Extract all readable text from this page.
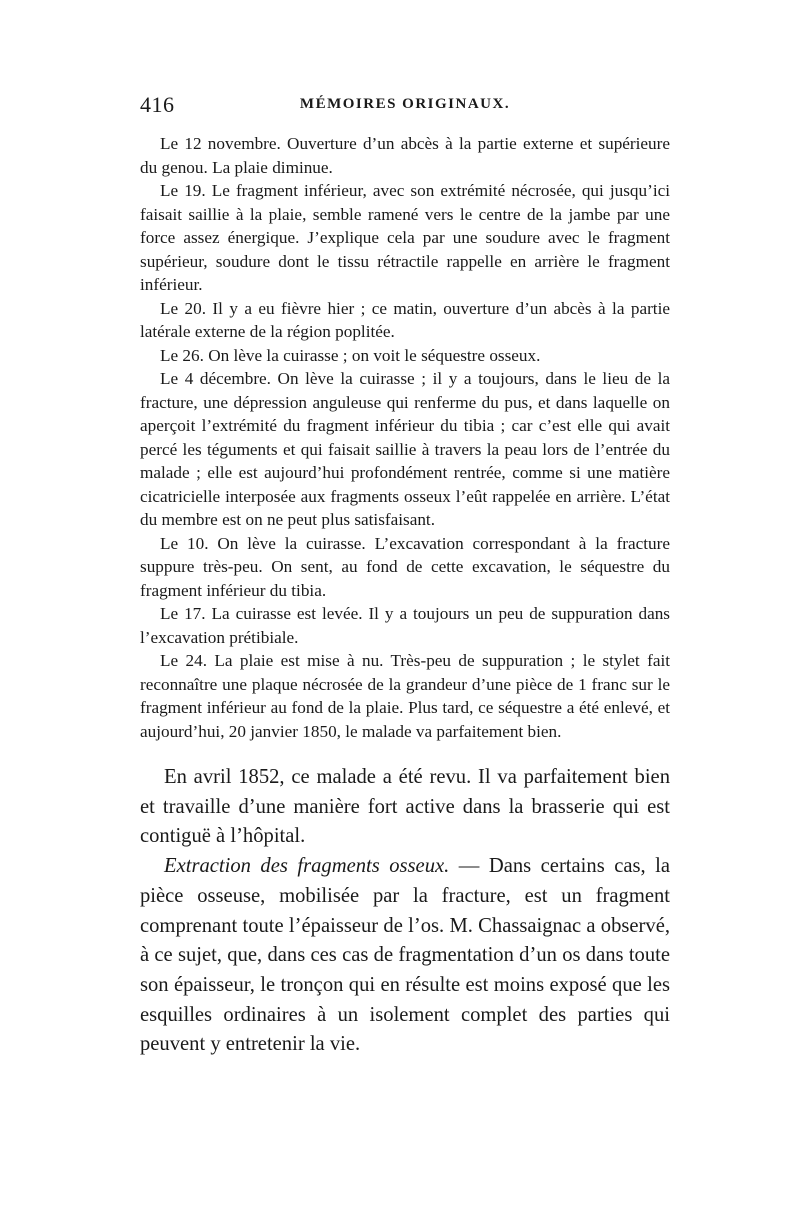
416	MÉMOIRES ORIGINAUX.

Le 12 novembre. Ouverture d’un abcès à la partie externe et supérieure du genou. La plaie diminue.

Le 19. Le fragment inférieur, avec son extrémité nécrosée, qui jusqu’ici faisait saillie à la plaie, semble ramené vers le centre de la jambe par une force assez énergique. J’explique cela par une soudure avec le fragment supérieur, soudure dont le tissu rétractile rappelle en arrière le fragment inférieur.

Le 20. Il y a eu fièvre hier ; ce matin, ouverture d’un abcès à la partie latérale externe de la région poplitée.

Le 26. On lève la cuirasse ; on voit le séquestre osseux.

Le 4 décembre. On lève la cuirasse ; il y a toujours, dans le lieu de la fracture, une dépression anguleuse qui renferme du pus, et dans laquelle on aperçoit l’extrémité du fragment inférieur du tibia ; car c’est elle qui avait percé les téguments et qui faisait saillie à travers la peau lors de l’entrée du malade ; elle est aujourd’hui profondément rentrée, comme si une matière cicatricielle interposée aux fragments osseux l’eût rappelée en arrière. L’état du membre est on ne peut plus satisfaisant.

Le 10. On lève la cuirasse. L’excavation correspondant à la fracture suppure très-peu. On sent, au fond de cette excavation, le séquestre du fragment inférieur du tibia.

Le 17. La cuirasse est levée. Il y a toujours un peu de suppuration dans l’excavation prétibiale.

Le 24. La plaie est mise à nu. Très-peu de suppuration ; le stylet fait reconnaître une plaque nécrosée de la grandeur d’une pièce de 1 franc sur le fragment inférieur au fond de la plaie. Plus tard, ce séquestre a été enlevé, et aujourd’hui, 20 janvier 1850, le malade va parfaitement bien.

En avril 1852, ce malade a été revu. Il va parfaitement bien et travaille d’une manière fort active dans la brasserie qui est contiguë à l’hôpital.

Extraction des fragments osseux. — Dans certains cas, la pièce osseuse, mobilisée par la fracture, est un fragment comprenant toute l’épaisseur de l’os. M. Chassaignac a observé, à ce sujet, que, dans ces cas de fragmentation d’un os dans toute son épaisseur, le tronçon qui en résulte est moins exposé que les esquilles ordinaires à un isolement complet des parties qui peuvent y entretenir la vie.
